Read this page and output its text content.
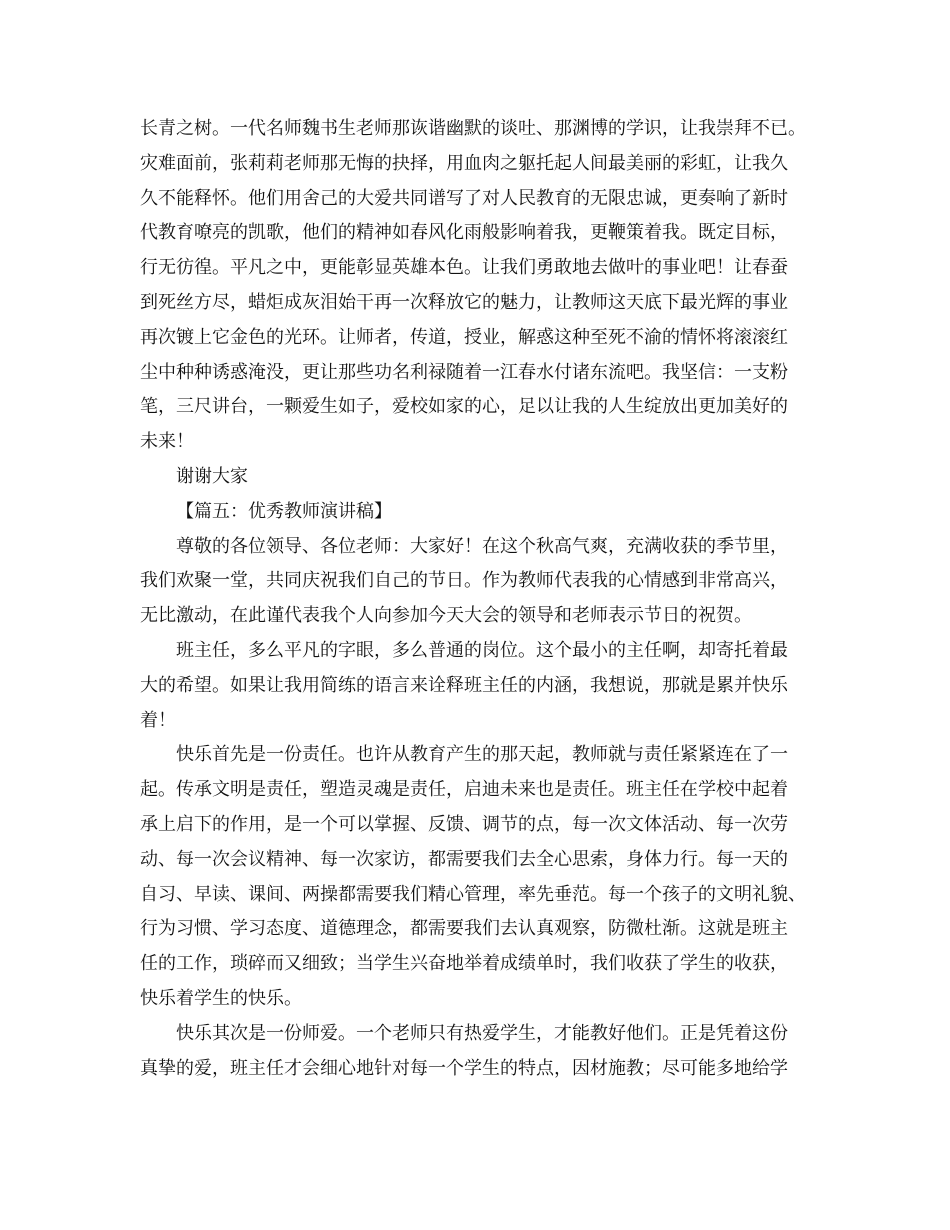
长青之树。一代名师魏书生老师那诙谐幽默的谈吐、那渊博的学识，让我崇拜不已。
灾难面前，张莉莉老师那无悔的抉择，用血肉之躯托起人间最美丽的彩虹，让我久
久不能释怀。他们用舍己的大爱共同谱写了对人民教育的无限忠诚，更奏响了新时
代教育嘹亮的凯歌，他们的精神如春风化雨般影响着我，更鞭策着我。既定目标，
行无彷徨。平凡之中，更能彰显英雄本色。让我们勇敢地去做叶的事业吧！让春蚕
到死丝方尽，蜡炬成灰泪始干再一次释放它的魅力，让教师这天底下最光辉的事业
再次镀上它金色的光环。让师者，传道，授业，解惑这种至死不渝的情怀将滚滚红
尘中种种诱惑淹没，更让那些功名利禄随着一江春水付诸东流吧。我坚信：一支粉
笔，三尺讲台，一颗爱生如子，爱校如家的心，足以让我的人生绽放出更加美好的
未来！
谢谢大家
【篇五：优秀教师演讲稿】
尊敬的各位领导、各位老师：大家好！在这个秋高气爽，充满收获的季节里，
我们欢聚一堂，共同庆祝我们自己的节日。作为教师代表我的心情感到非常高兴，
无比激动，在此谨代表我个人向参加今天大会的领导和老师表示节日的祝贺。
班主任，多么平凡的字眼，多么普通的岗位。这个最小的主任啊，却寄托着最
大的希望。如果让我用简练的语言来诠释班主任的内涵，我想说，那就是累并快乐
着！
快乐首先是一份责任。也许从教育产生的那天起，教师就与责任紧紧连在了一
起。传承文明是责任，塑造灵魂是责任，启迪未来也是责任。班主任在学校中起着
承上启下的作用，是一个可以掌握、反馈、调节的点，每一次文体活动、每一次劳
动、每一次会议精神、每一次家访，都需要我们去全心思索，身体力行。每一天的
自习、早读、课间、两操都需要我们精心管理，率先垂范。每一个孩子的文明礼貌、
行为习惯、学习态度、道德理念，都需要我们去认真观察，防微杜渐。这就是班主
任的工作，琐碎而又细致；当学生兴奋地举着成绩单时，我们收获了学生的收获，
快乐着学生的快乐。
快乐其次是一份师爱。一个老师只有热爱学生，才能教好他们。正是凭着这份
真挚的爱，班主任才会细心地针对每一个学生的特点，因材施教；尽可能多地给学
